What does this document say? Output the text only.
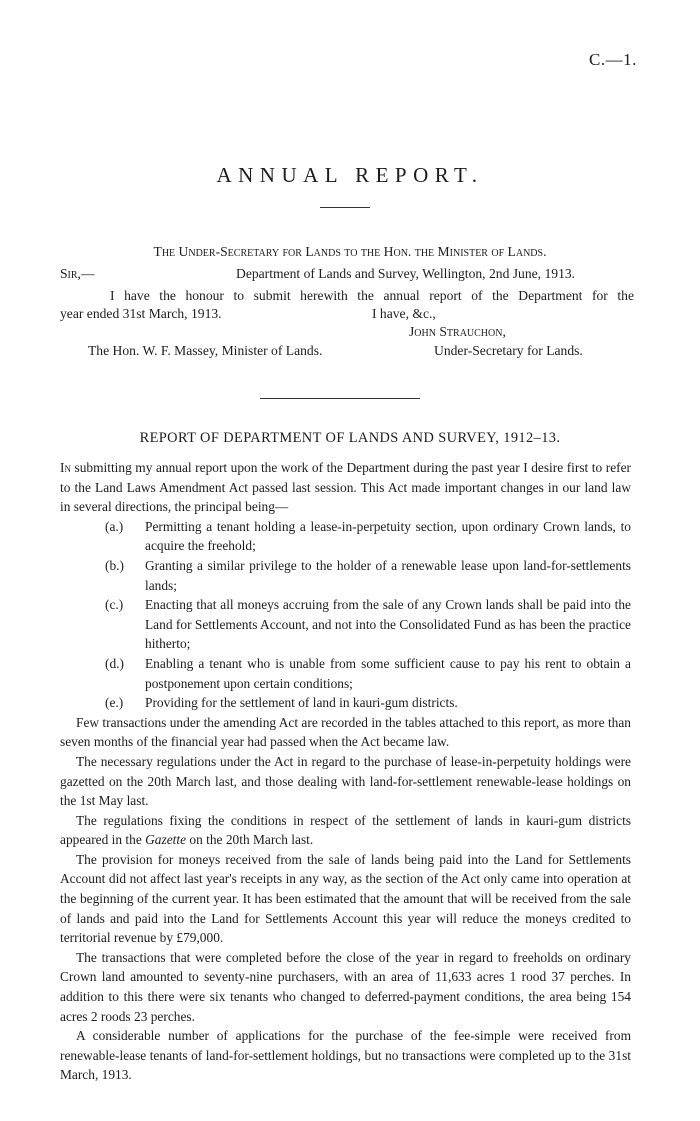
C.—1.
ANNUAL REPORT.
The Under-Secretary for Lands to the Hon. the Minister of Lands.
Sir,—	Department of Lands and Survey, Wellington, 2nd June, 1913.
I have the honour to submit herewith the annual report of the Department for the
year ended 31st March, 1913.	I have, &c.,
John Strauchon,
The Hon. W. F. Massey, Minister of Lands.	Under-Secretary for Lands.
REPORT OF DEPARTMENT OF LANDS AND SURVEY, 1912–13.

In submitting my annual report upon the work of the Department during the past year I desire first to refer to the Land Laws Amendment Act passed last session. This Act made important changes in our land law in several directions, the principal being—

(a.) Permitting a tenant holding a lease-in-perpetuity section, upon ordinary Crown lands, to acquire the freehold;

(b.) Granting a similar privilege to the holder of a renewable lease upon land-for-settlements lands;

(c.) Enacting that all moneys accruing from the sale of any Crown lands shall be paid into the Land for Settlements Account, and not into the Consolidated Fund as has been the practice hitherto;

(d.) Enabling a tenant who is unable from some sufficient cause to pay his rent to obtain a postponement upon certain conditions;

(e.) Providing for the settlement of land in kauri-gum districts.

Few transactions under the amending Act are recorded in the tables attached to this report, as more than seven months of the financial year had passed when the Act became law.

The necessary regulations under the Act in regard to the purchase of lease-in-perpetuity holdings were gazetted on the 20th March last, and those dealing with land-for-settlement renewable-lease holdings on the 1st May last.

The regulations fixing the conditions in respect of the settlement of lands in kauri-gum districts appeared in the Gazette on the 20th March last.

The provision for moneys received from the sale of lands being paid into the Land for Settlements Account did not affect last year's receipts in any way, as the section of the Act only came into operation at the beginning of the current year. It has been estimated that the amount that will be received from the sale of lands and paid into the Land for Settlements Account this year will reduce the moneys credited to territorial revenue by £79,000.

The transactions that were completed before the close of the year in regard to freeholds on ordinary Crown land amounted to seventy-nine purchasers, with an area of 11,633 acres 1 rood 37 perches. In addition to this there were six tenants who changed to deferred-payment conditions, the area being 154 acres 2 roods 23 perches.

A considerable number of applications for the purchase of the fee-simple were received from renewable-lease tenants of land-for-settlement holdings, but no transactions were completed up to the 31st March, 1913.
